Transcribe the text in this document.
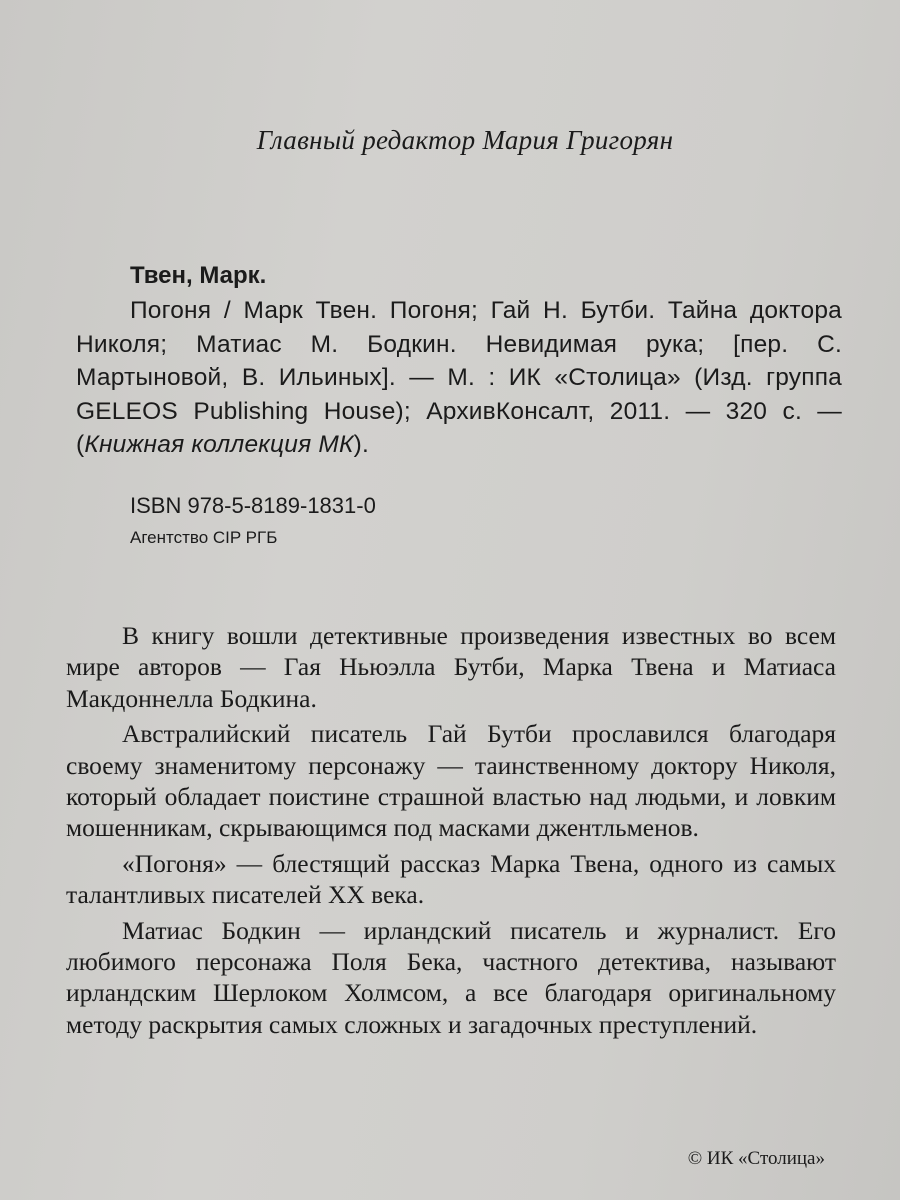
Главный редактор Мария Григорян
Твен, Марк.
Погоня / Марк Твен. Погоня; Гай Н. Бутби. Тайна доктора Николя; Матиас М. Бодкин. Невидимая рука; [пер. С. Мартыновой, В. Ильиных]. — М. : ИК «Столица» (Изд. группа GELEOS Publishing House); АрхивКонсалт, 2011. — 320 с. — (Книжная коллекция МК).
ISBN 978-5-8189-1831-0
Агентство CIP РГБ

В книгу вошли детективные произведения известных во всем мире авторов — Гая Ньюэлла Бутби, Марка Твена и Матиаса Макдоннелла Бодкина.

Австралийский писатель Гай Бутби прославился благодаря своему знаменитому персонажу — таинственному доктору Николя, который обладает поистине страшной властью над людьми, и ловким мошенникам, скрывающимся под масками джентльменов.

«Погоня» — блестящий рассказ Марка Твена, одного из самых талантливых писателей XX века.

Матиас Бодкин — ирландский писатель и журналист. Его любимого персонажа Поля Бека, частного детектива, называют ирландским Шерлоком Холмсом, а все благодаря оригинальному методу раскрытия самых сложных и загадочных преступлений.

© ИК «Столица»
